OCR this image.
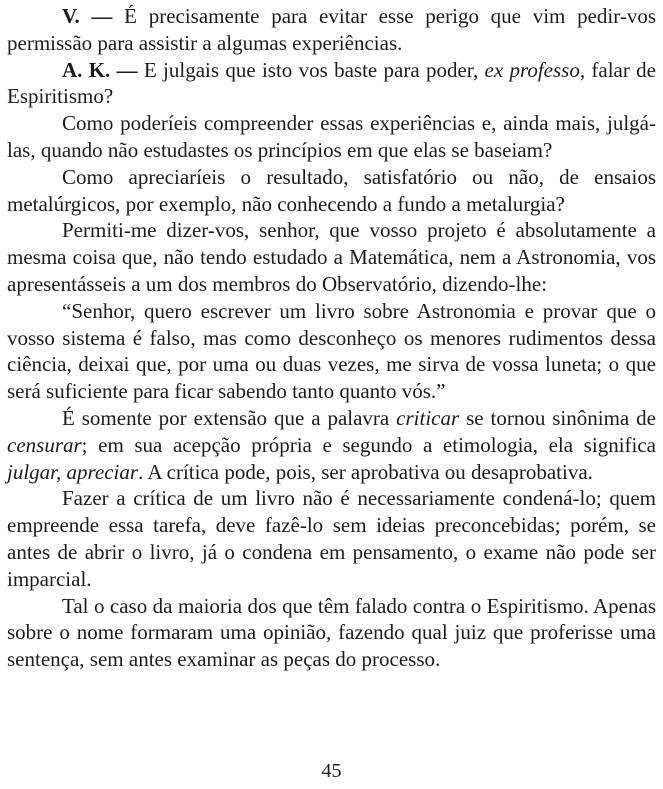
V. — É precisamente para evitar esse perigo que vim pedir-vos permissão para assistir a algumas experiências.

A. K. — E julgais que isto vos baste para poder, ex professo, falar de Espiritismo?

Como poderíeis compreender essas experiências e, ainda mais, julgá-las, quando não estudastes os princípios em que elas se baseiam?

Como apreciaríeis o resultado, satisfatório ou não, de ensaios metalúrgicos, por exemplo, não conhecendo a fundo a metalurgia?

Permiti-me dizer-vos, senhor, que vosso projeto é absolutamente a mesma coisa que, não tendo estudado a Matemática, nem a Astronomia, vos apresentásseis a um dos membros do Observatório, dizendo-lhe:

“Senhor, quero escrever um livro sobre Astronomia e provar que o vosso sistema é falso, mas como desconheço os menores rudimentos dessa ciência, deixai que, por uma ou duas vezes, me sirva de vossa luneta; o que será suficiente para ficar sabendo tanto quanto vós.”

É somente por extensão que a palavra criticar se tornou sinônima de censurar; em sua acepção própria e segundo a etimologia, ela significa julgar, apreciar. A crítica pode, pois, ser aprobativa ou desaprobativa.

Fazer a crítica de um livro não é necessariamente condená-lo; quem empreende essa tarefa, deve fazê-lo sem ideias preconcebidas; porém, se antes de abrir o livro, já o condena em pensamento, o exame não pode ser imparcial.

Tal o caso da maioria dos que têm falado contra o Espiritismo. Apenas sobre o nome formaram uma opinião, fazendo qual juiz que proferisse uma sentença, sem antes examinar as peças do processo.

45
